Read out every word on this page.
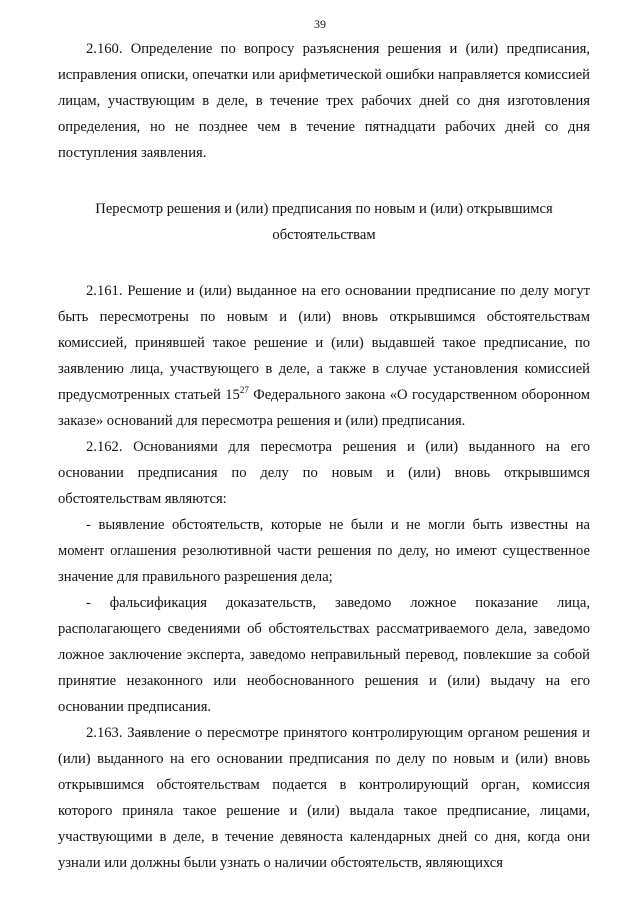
39

2.160. Определение по вопросу разъяснения решения и (или) предписания, исправления описки, опечатки или арифметической ошибки направляется комиссией лицам, участвующим в деле, в течение трех рабочих дней со дня изготовления определения, но не позднее чем в течение пятнадцати рабочих дней со дня поступления заявления.

Пересмотр решения и (или) предписания по новым и (или) открывшимся обстоятельствам

2.161. Решение и (или) выданное на его основании предписание по делу могут быть пересмотрены по новым и (или) вновь открывшимся обстоятельствам комиссией, принявшей такое решение и (или) выдавшей такое предписание, по заявлению лица, участвующего в деле, а также в случае установления комиссией предусмотренных статьей $15^{27}$ Федерального закона «О государственном оборонном заказе» оснований для пересмотра решения и (или) предписания.

2.162. Основаниями для пересмотра решения и (или) выданного на его основании предписания по делу по новым и (или) вновь открывшимся обстоятельствам являются:

- выявление обстоятельств, которые не были и не могли быть известны на момент оглашения резолютивной части решения по делу, но имеют существенное значение для правильного разрешения дела;

- фальсификация доказательств, заведомо ложное показание лица, располагающего сведениями об обстоятельствах рассматриваемого дела, заведомо ложное заключение эксперта, заведомо неправильный перевод, повлекшие за собой принятие незаконного или необоснованного решения и (или) выдачу на его основании предписания.

2.163. Заявление о пересмотре принятого контролирующим органом решения и (или) выданного на его основании предписания по делу по новым и (или) вновь открывшимся обстоятельствам подается в контролирующий орган, комиссия которого приняла такое решение и (или) выдала такое предписание, лицами, участвующими в деле, в течение девяноста календарных дней со дня, когда они узнали или должны были узнать о наличии обстоятельств, являющихся
